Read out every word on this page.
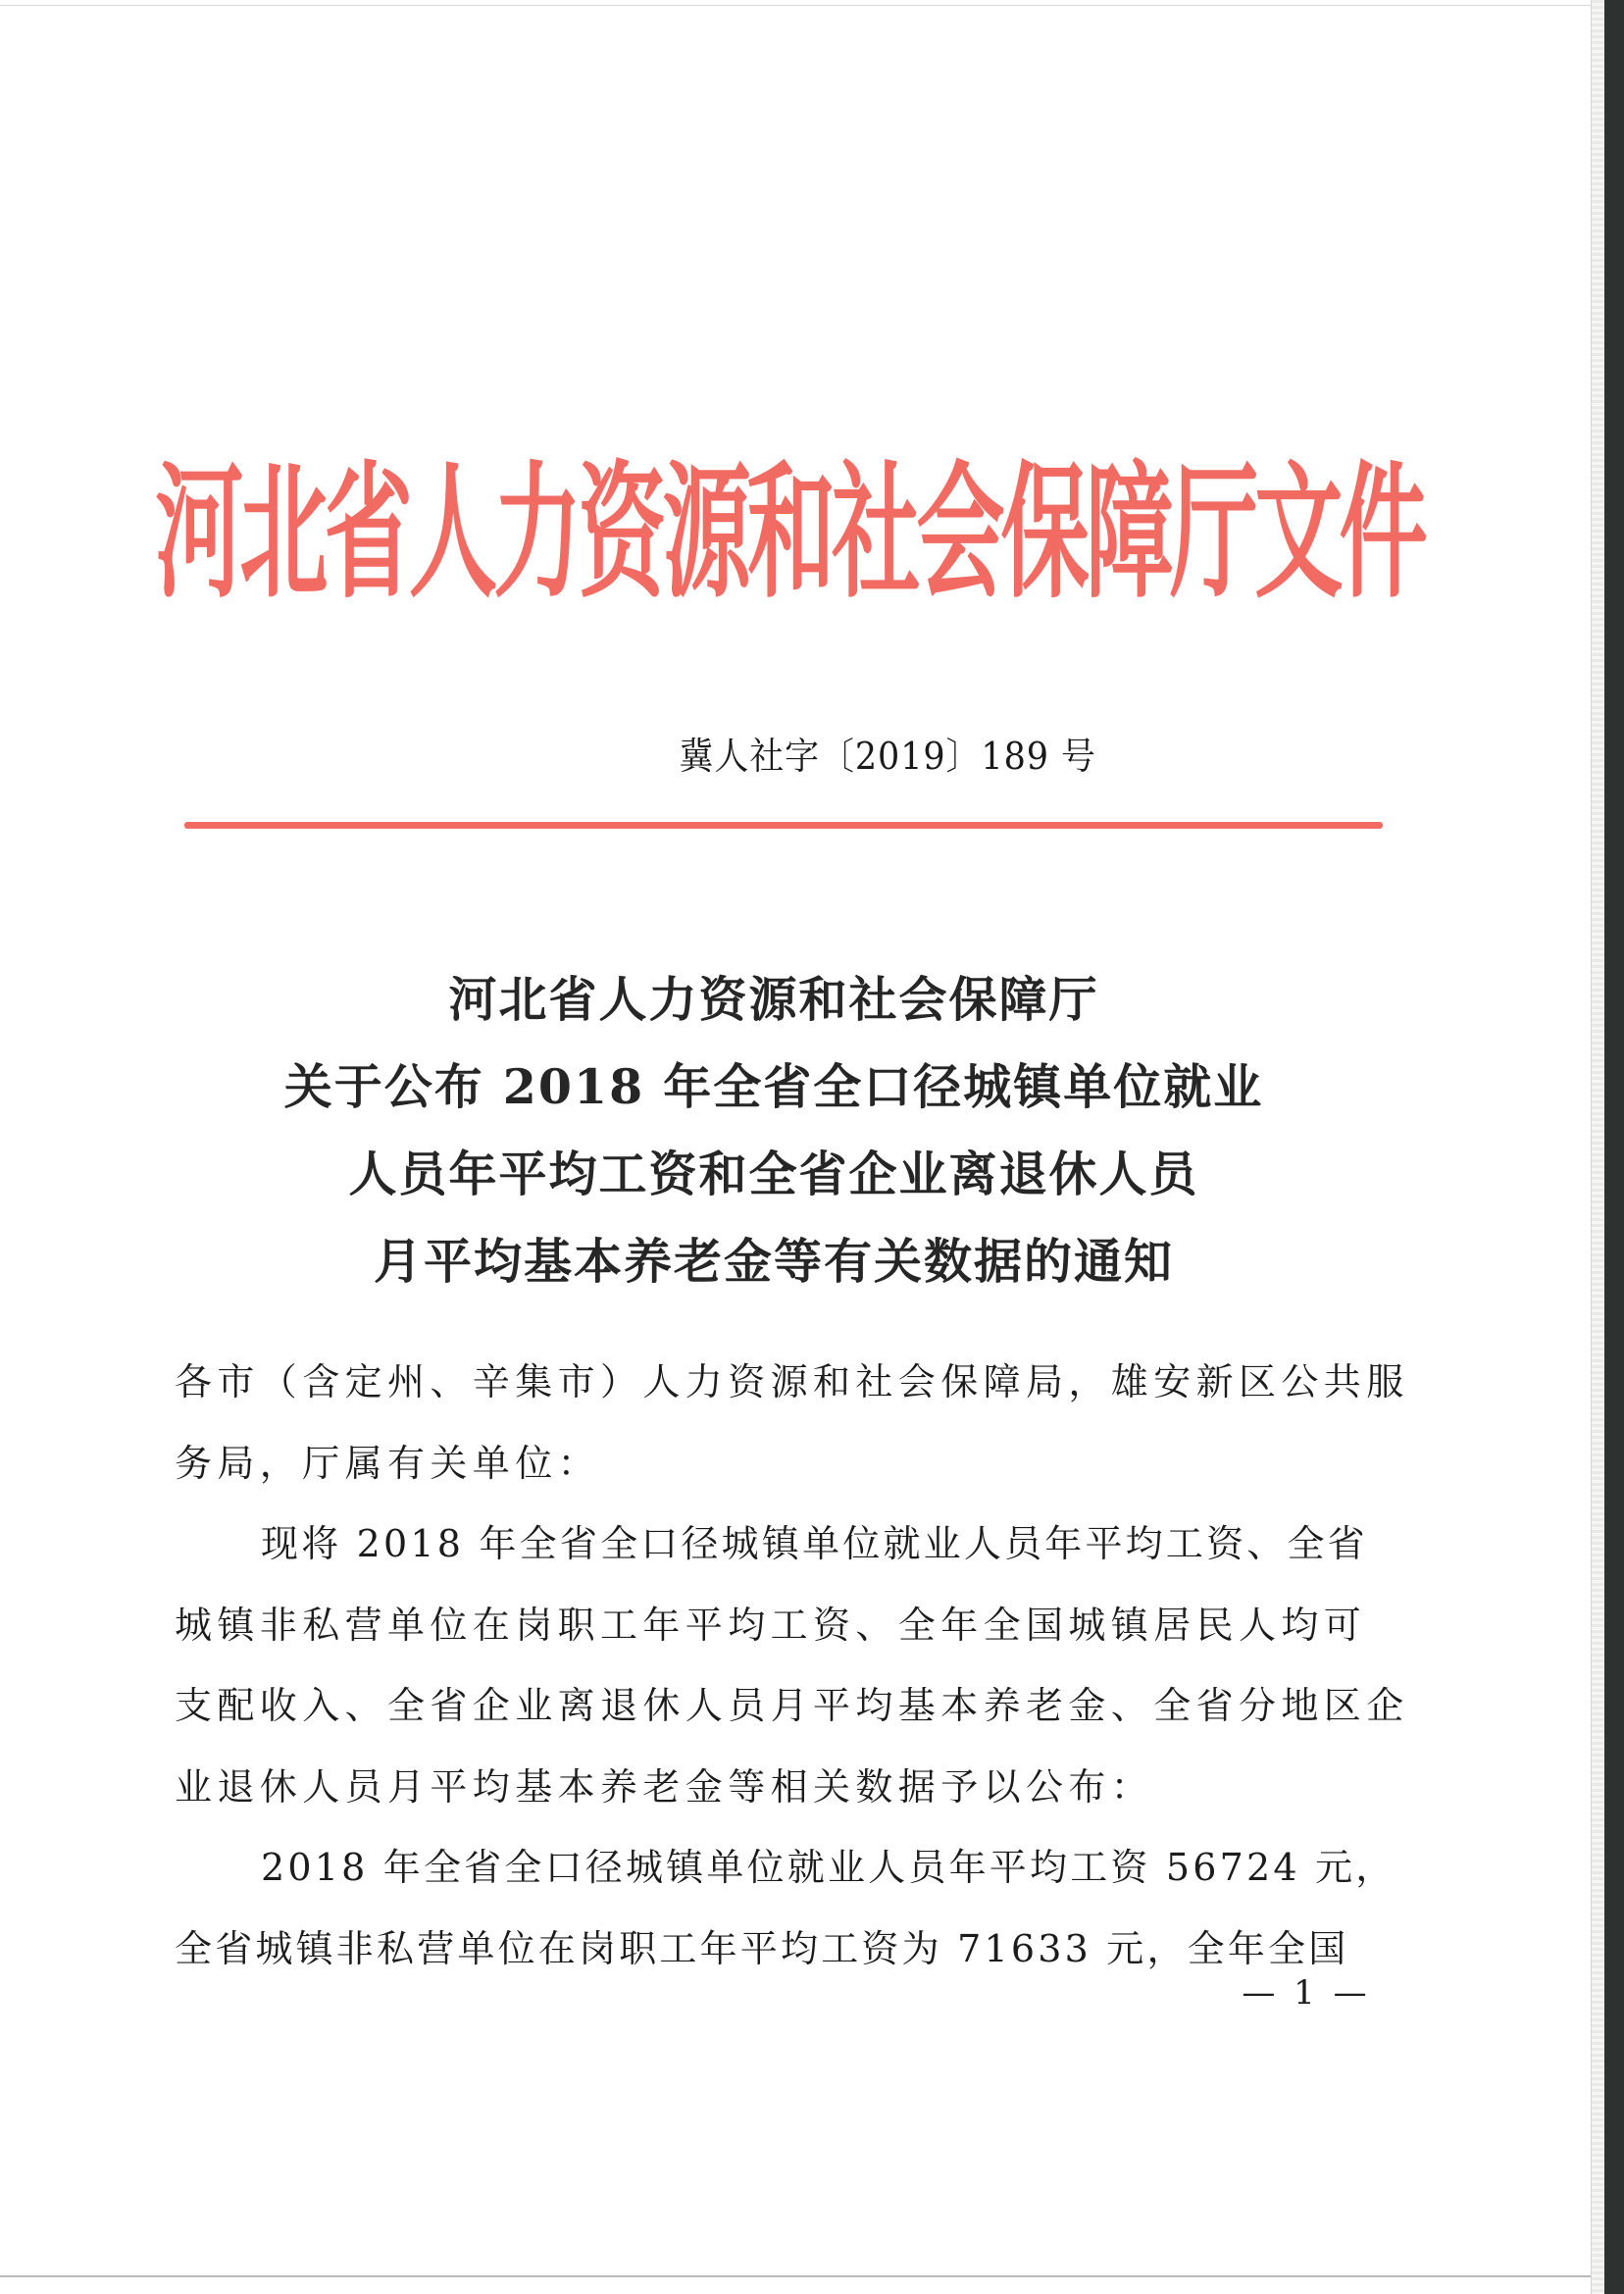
河北省人力资源和社会保障厅文件
冀人社字〔2019〕189 号
河北省人力资源和社会保障厅
关于公布 2018 年全省全口径城镇单位就业
人员年平均工资和全省企业离退休人员
月平均基本养老金等有关数据的通知
各市（含定州、辛集市）人力资源和社会保障局，雄安新区公共服
务局，厅属有关单位：
现将 2018 年全省全口径城镇单位就业人员年平均工资、全省
城镇非私营单位在岗职工年平均工资、全年全国城镇居民人均可
支配收入、全省企业离退休人员月平均基本养老金、全省分地区企
业退休人员月平均基本养老金等相关数据予以公布：
2018 年全省全口径城镇单位就业人员年平均工资 56724 元，
全省城镇非私营单位在岗职工年平均工资为 71633 元，全年全国
— 1 —
